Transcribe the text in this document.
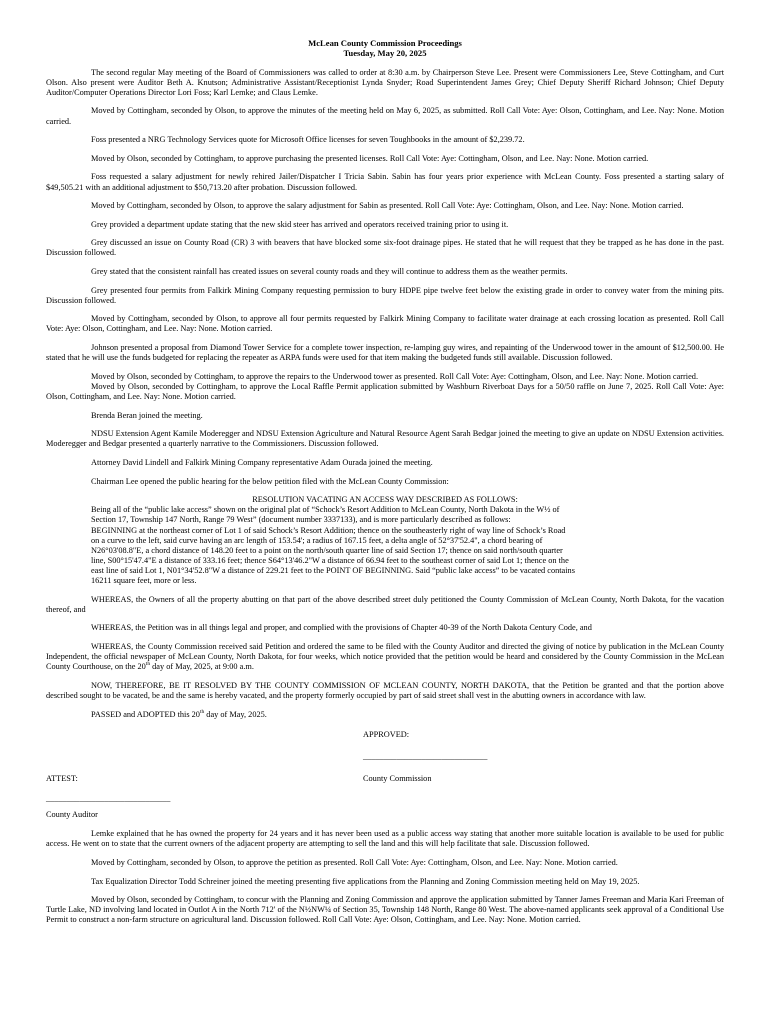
McLean County Commission Proceedings
Tuesday, May 20, 2025

The second regular May meeting of the Board of Commissioners was called to order at 8:30 a.m. by Chairperson Steve Lee. Present were Commissioners Lee, Steve Cottingham, and Curt Olson. Also present were Auditor Beth A. Knutson; Administrative Assistant/Receptionist Lynda Snyder; Road Superintendent James Grey; Chief Deputy Sheriff Richard Johnson; Chief Deputy Auditor/Computer Operations Director Lori Foss; Karl Lemke; and Claus Lemke.

Moved by Cottingham, seconded by Olson, to approve the minutes of the meeting held on May 6, 2025, as submitted. Roll Call Vote: Aye: Olson, Cottingham, and Lee. Nay: None. Motion carried.

Foss presented a NRG Technology Services quote for Microsoft Office licenses for seven Toughbooks in the amount of $2,239.72.

Moved by Olson, seconded by Cottingham, to approve purchasing the presented licenses. Roll Call Vote: Aye: Cottingham, Olson, and Lee. Nay: None. Motion carried.

Foss requested a salary adjustment for newly rehired Jailer/Dispatcher I Tricia Sabin. Sabin has four years prior experience with McLean County. Foss presented a starting salary of $49,505.21 with an additional adjustment to $50,713.20 after probation. Discussion followed.

Moved by Cottingham, seconded by Olson, to approve the salary adjustment for Sabin as presented. Roll Call Vote: Aye: Cottingham, Olson, and Lee. Nay: None. Motion carried.

Grey provided a department update stating that the new skid steer has arrived and operators received training prior to using it.

Grey discussed an issue on County Road (CR) 3 with beavers that have blocked some six-foot drainage pipes. He stated that he will request that they be trapped as he has done in the past. Discussion followed.

Grey stated that the consistent rainfall has created issues on several county roads and they will continue to address them as the weather permits.

Grey presented four permits from Falkirk Mining Company requesting permission to bury HDPE pipe twelve feet below the existing grade in order to convey water from the mining pits. Discussion followed.

Moved by Cottingham, seconded by Olson, to approve all four permits requested by Falkirk Mining Company to facilitate water drainage at each crossing location as presented. Roll Call Vote: Aye: Olson, Cottingham, and Lee. Nay: None. Motion carried.

Johnson presented a proposal from Diamond Tower Service for a complete tower inspection, re-lamping guy wires, and repainting of the Underwood tower in the amount of $12,500.00. He stated that he will use the funds budgeted for replacing the repeater as ARPA funds were used for that item making the budgeted funds still available. Discussion followed.

Moved by Olson, seconded by Cottingham, to approve the repairs to the Underwood tower as presented. Roll Call Vote: Aye: Cottingham, Olson, and Lee. Nay: None. Motion carried.

Moved by Olson, seconded by Cottingham, to approve the Local Raffle Permit application submitted by Washburn Riverboat Days for a 50/50 raffle on June 7, 2025. Roll Call Vote: Aye: Olson, Cottingham, and Lee. Nay: None. Motion carried.

Brenda Beran joined the meeting.

NDSU Extension Agent Kamile Moderegger and NDSU Extension Agriculture and Natural Resource Agent Sarah Bedgar joined the meeting to give an update on NDSU Extension activities. Moderegger and Bedgar presented a quarterly narrative to the Commissioners. Discussion followed.

Attorney David Lindell and Falkirk Mining Company representative Adam Ourada joined the meeting.

Chairman Lee opened the public hearing for the below petition filed with the McLean County Commission:

RESOLUTION VACATING AN ACCESS WAY DESCRIBED AS FOLLOWS:
Being all of the “public lake access” shown on the original plat of “Schock’s Resort Addition to McLean County, North Dakota in the W½ of
Section 17, Township 147 North, Range 79 West” (document number 3337133), and is more particularly described as follows:
BEGINNING at the northeast corner of Lot 1 of said Schock’s Resort Addition; thence on the southeasterly right of way line of Schock’s Road
on a curve to the left, said curve having an arc length of 153.54'; a radius of 167.15 feet, a delta angle of 52°37'52.4", a chord bearing of
N26°03'08.8"E, a chord distance of 148.20 feet to a point on the north/south quarter line of said Section 17; thence on said north/south quarter
line, S00°15'47.4"E a distance of 333.16 feet; thence S64°13'46.2"W a distance of 66.94 feet to the southeast corner of said Lot 1; thence on the
east line of said Lot 1, N01°34'52.8"W a distance of 229.21 feet to the POINT OF BEGINNING. Said “public lake access” to be vacated contains
16211 square feet, more or less.

WHEREAS, the Owners of all the property abutting on that part of the above described street duly petitioned the County Commission of McLean County, North Dakota, for the vacation thereof, and

WHEREAS, the Petition was in all things legal and proper, and complied with the provisions of Chapter 40-39 of the North Dakota Century Code, and

WHEREAS, the County Commission received said Petition and ordered the same to be filed with the County Auditor and directed the giving of notice by publication in the McLean County Independent, the official newspaper of McLean County, North Dakota, for four weeks, which notice provided that the petition would be heard and considered by the County Commission in the McLean County Courthouse, on the 20th day of May, 2025, at 9:00 a.m.

NOW, THEREFORE, BE IT RESOLVED BY THE COUNTY COMMISSION OF MCLEAN COUNTY, NORTH DAKOTA, that the Petition be granted and that the portion above described sought to be vacated, be and the same is hereby vacated, and the property formerly occupied by part of said street shall vest in the abutting owners in accordance with law.

PASSED and ADOPTED this 20th day of May, 2025.

APPROVED:
______________________________
ATTEST:	County Commission
______________________________
County Auditor

Lemke explained that he has owned the property for 24 years and it has never been used as a public access way stating that another more suitable location is available to be used for public access. He went on to state that the current owners of the adjacent property are attempting to sell the land and this will help facilitate that sale. Discussion followed.

Moved by Cottingham, seconded by Olson, to approve the petition as presented. Roll Call Vote: Aye: Cottingham, Olson, and Lee. Nay: None. Motion carried.

Tax Equalization Director Todd Schreiner joined the meeting presenting five applications from the Planning and Zoning Commission meeting held on May 19, 2025.

Moved by Olson, seconded by Cottingham, to concur with the Planning and Zoning Commission and approve the application submitted by Tanner James Freeman and Maria Kari Freeman of Turtle Lake, ND involving land located in Outlot A in the North 712' of the N½NW¼ of Section 35, Township 148 North, Range 80 West. The above-named applicants seek approval of a Conditional Use Permit to construct a non-farm structure on agricultural land. Discussion followed. Roll Call Vote: Aye: Olson, Cottingham, and Lee. Nay: None. Motion carried.
